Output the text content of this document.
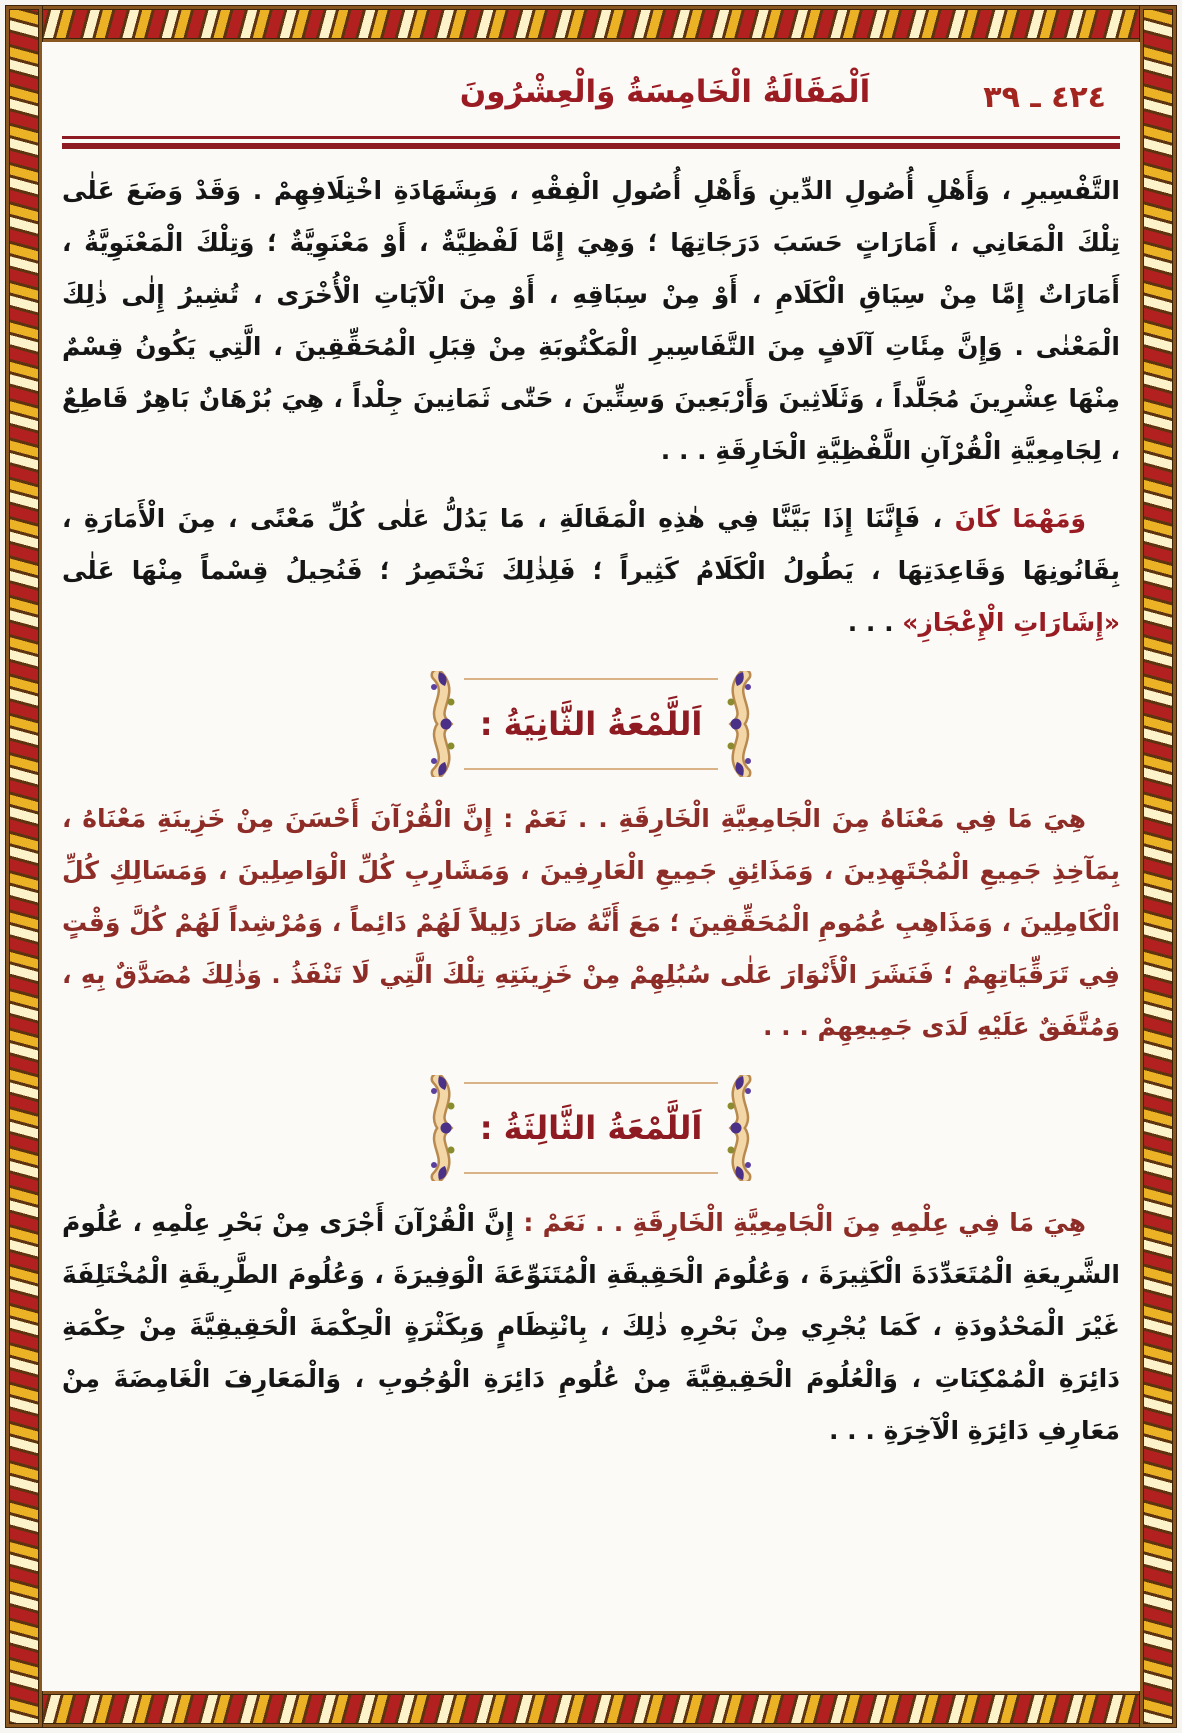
٤٢٤ ـ ٣٩
اَلْمَقَالَةُ الْخَامِسَةُ وَالْعِشْرُونَ

التَّفْسِيرِ ، وَأَهْلِ أُصُولِ الدِّينِ وَأَهْلِ أُصُولِ الْفِقْهِ ، وَبِشَهَادَةِ اخْتِلَافِهِمْ . وَقَدْ وَضَعَ عَلٰى تِلْكَ الْمَعَانِي ، أَمَارَاتٍ حَسَبَ دَرَجَاتِهَا ؛ وَهِيَ إِمَّا لَفْظِيَّةٌ ، أَوْ مَعْنَوِيَّةٌ ؛ وَتِلْكَ الْمَعْنَوِيَّةُ ، أَمَارَاتٌ إِمَّا مِنْ سِيَاقِ الْكَلَامِ ، أَوْ مِنْ سِبَاقِهِ ، أَوْ مِنَ الْآيَاتِ الْأُخْرَى ، تُشِيرُ إِلٰى ذٰلِكَ الْمَعْنٰى . وَإِنَّ مِئَاتِ آلَافٍ مِنَ التَّفَاسِيرِ الْمَكْتُوبَةِ مِنْ قِبَلِ الْمُحَقِّقِينَ ، الَّتِي يَكُونُ قِسْمٌ مِنْهَا عِشْرِينَ مُجَلَّداً ، وَثَلَاثِينَ وَأَرْبَعِينَ وَسِتِّينَ ، حَتّٰى ثَمَانِينَ جِلْداً ، هِيَ بُرْهَانٌ بَاهِرٌ قَاطِعٌ ، لِجَامِعِيَّةِ الْقُرْآنِ اللَّفْظِيَّةِ الْخَارِقَةِ . . .

وَمَهْمَا كَانَ ، فَإِنَّنَا إِذَا بَيَّنَّا فِي هٰذِهِ الْمَقَالَةِ ، مَا يَدُلُّ عَلٰى كُلِّ مَعْنًى ، مِنَ الْأَمَارَةِ ، بِقَانُونِهَا وَقَاعِدَتِهَا ، يَطُولُ الْكَلَامُ كَثِيراً ؛ فَلِذٰلِكَ نَخْتَصِرُ ؛ فَنُحِيلُ قِسْماً مِنْهَا عَلٰى «إِشَارَاتِ الْإِعْجَازِ» . . .

اَللَّمْعَةُ الثَّانِيَةُ :

هِيَ مَا فِي مَعْنَاهُ مِنَ الْجَامِعِيَّةِ الْخَارِقَةِ . . نَعَمْ : إِنَّ الْقُرْآنَ أَحْسَنَ مِنْ خَزِينَةِ مَعْنَاهُ ، بِمَآخِذِ جَمِيعِ الْمُجْتَهِدِينَ ، وَمَذَائِقِ جَمِيعِ الْعَارِفِينَ ، وَمَشَارِبِ كُلِّ الْوَاصِلِينَ ، وَمَسَالِكِ كُلِّ الْكَامِلِينَ ، وَمَذَاهِبِ عُمُومِ الْمُحَقِّقِينَ ؛ مَعَ أَنَّهُ صَارَ دَلِيلاً لَهُمْ دَائِماً ، وَمُرْشِداً لَهُمْ كُلَّ وَقْتٍ فِي تَرَقِّيَاتِهِمْ ؛ فَنَشَرَ الْأَنْوَارَ عَلٰى سُبُلِهِمْ مِنْ خَزِينَتِهِ تِلْكَ الَّتِي لَا تَنْفَذُ . وَذٰلِكَ مُصَدَّقٌ بِهِ ، وَمُتَّفَقٌ عَلَيْهِ لَدَى جَمِيعِهِمْ . . .

اَللَّمْعَةُ الثَّالِثَةُ :

هِيَ مَا فِي عِلْمِهِ مِنَ الْجَامِعِيَّةِ الْخَارِقَةِ . . نَعَمْ : إِنَّ الْقُرْآنَ أَجْرَى مِنْ بَحْرِ عِلْمِهِ ، عُلُومَ الشَّرِيعَةِ الْمُتَعَدِّدَةَ الْكَثِيرَةَ ، وَعُلُومَ الْحَقِيقَةِ الْمُتَنَوِّعَةَ الْوَفِيرَةَ ، وَعُلُومَ الطَّرِيقَةِ الْمُخْتَلِفَةَ غَيْرَ الْمَحْدُودَةِ ، كَمَا يُجْرِي مِنْ بَحْرِهِ ذٰلِكَ ، بِانْتِظَامٍ وَبِكَثْرَةٍ الْحِكْمَةَ الْحَقِيقِيَّةَ مِنْ حِكْمَةِ دَائِرَةِ الْمُمْكِنَاتِ ، وَالْعُلُومَ الْحَقِيقِيَّةَ مِنْ عُلُومِ دَائِرَةِ الْوُجُوبِ ، وَالْمَعَارِفَ الْغَامِضَةَ مِنْ مَعَارِفِ دَائِرَةِ الْآخِرَةِ . . .
